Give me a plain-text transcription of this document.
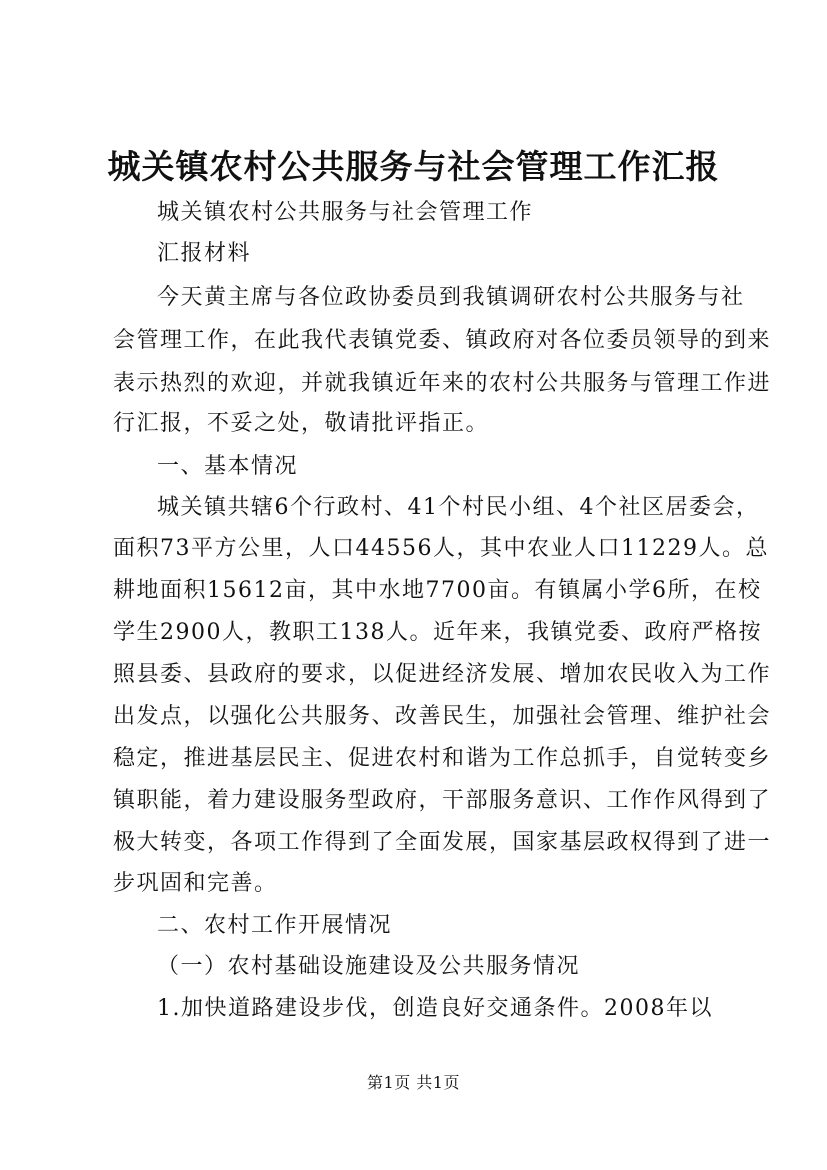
城关镇农村公共服务与社会管理工作汇报
城关镇农村公共服务与社会管理工作
汇报材料
今天黄主席与各位政协委员到我镇调研农村公共服务与社
会管理工作，在此我代表镇党委、镇政府对各位委员领导的到来
表示热烈的欢迎，并就我镇近年来的农村公共服务与管理工作进
行汇报，不妥之处，敬请批评指正。
一、基本情况
城关镇共辖6个行政村、41个村民小组、4个社区居委会，
面积73平方公里，人口44556人，其中农业人口11229人。总
耕地面积15612亩，其中水地7700亩。有镇属小学6所，在校
学生2900人，教职工138人。近年来，我镇党委、政府严格按
照县委、县政府的要求，以促进经济发展、增加农民收入为工作
出发点，以强化公共服务、改善民生，加强社会管理、维护社会
稳定，推进基层民主、促进农村和谐为工作总抓手，自觉转变乡
镇职能，着力建设服务型政府，干部服务意识、工作作风得到了
极大转变，各项工作得到了全面发展，国家基层政权得到了进一
步巩固和完善。
二、农村工作开展情况
（一）农村基础设施建设及公共服务情况
1.加快道路建设步伐，创造良好交通条件。2008年以
第1页 共1页
